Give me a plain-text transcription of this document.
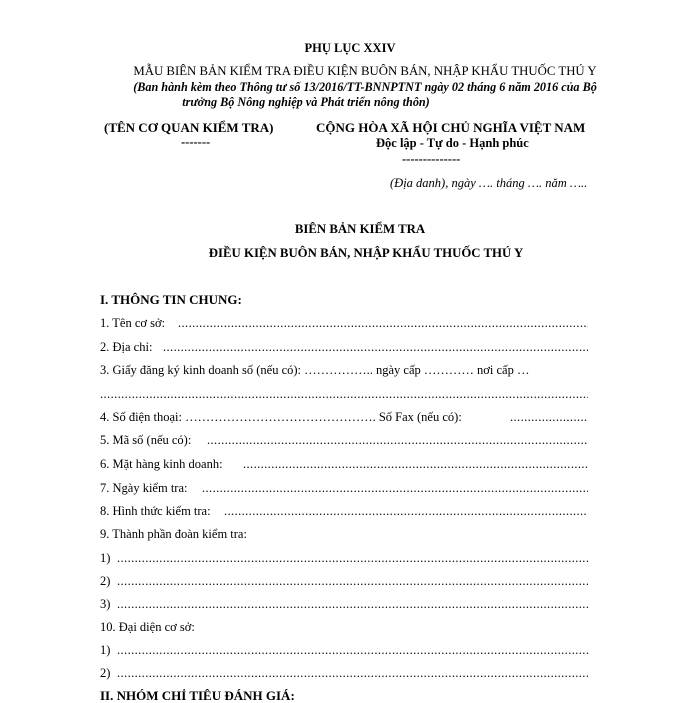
PHỤ LỤC XXIV
MẪU BIÊN BẢN KIỂM TRA ĐIỀU KIỆN BUÔN BÁN, NHẬP KHẨU THUỐC THÚ Y
(Ban hành kèm theo Thông tư số 13/2016/TT-BNNPTNT ngày 02 tháng 6 năm 2016 của Bộ
trưởng Bộ Nông nghiệp và Phát triển nông thôn)
(TÊN CƠ QUAN KIỂM TRA)
-------
CỘNG HÒA XÃ HỘI CHỦ NGHĨA VIỆT NAM
Độc lập - Tự do - Hạnh phúc
--------------
(Địa danh), ngày …. tháng …. năm …..
BIÊN BẢN KIỂM TRA
ĐIỀU KIỆN BUÔN BÁN, NHẬP KHẨU THUỐC THÚ Y
I. THÔNG TIN CHUNG:
1. Tên cơ sở:
.....
2. Địa chỉ:
.....
3. Giấy đăng ký kinh doanh số (nếu có): …………….. ngày cấp ………… nơi cấp …
.....
4. Số điện thoại: ………………………………………. Số Fax (nếu có):
.....
5. Mã số (nếu có):
.....
6. Mặt hàng kinh doanh:
.....
7. Ngày kiểm tra:
.....
8. Hình thức kiểm tra:
.....
9. Thành phần đoàn kiểm tra:
1)
.....
2)
.....
3)
.....
10. Đại diện cơ sở:
1)
.....
2)
.....
II. NHÓM CHỈ TIÊU ĐÁNH GIÁ:
